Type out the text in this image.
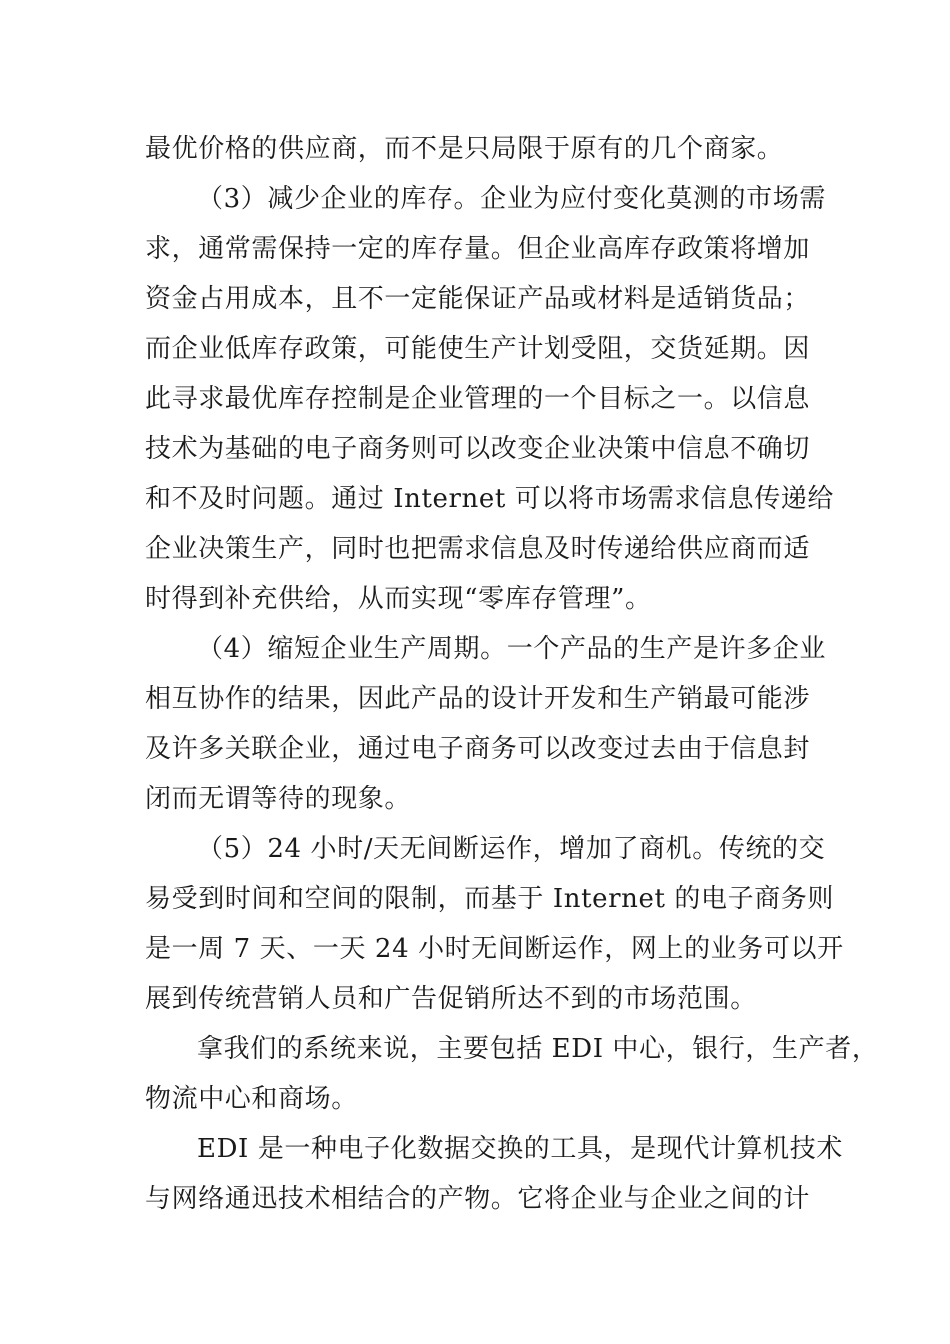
最优价格的供应商，而不是只局限于原有的几个商家。
（3）减少企业的库存。企业为应付变化莫测的市场需
求，通常需保持一定的库存量。但企业高库存政策将增加
资金占用成本，且不一定能保证产品或材料是适销货品；
而企业低库存政策，可能使生产计划受阻，交货延期。因
此寻求最优库存控制是企业管理的一个目标之一。以信息
技术为基础的电子商务则可以改变企业决策中信息不确切
和不及时问题。通过 Internet 可以将市场需求信息传递给
企业决策生产，同时也把需求信息及时传递给供应商而适
时得到补充供给，从而实现“零库存管理”。
（4）缩短企业生产周期。一个产品的生产是许多企业
相互协作的结果，因此产品的设计开发和生产销最可能涉
及许多关联企业，通过电子商务可以改变过去由于信息封
闭而无谓等待的现象。
（5）24 小时/天无间断运作，增加了商机。传统的交
易受到时间和空间的限制，而基于 Internet 的电子商务则
是一周 7 天、一天 24 小时无间断运作，网上的业务可以开
展到传统营销人员和广告促销所达不到的市场范围。
拿我们的系统来说，主要包括 EDI 中心，银行，生产者，
物流中心和商场。
EDI 是一种电子化数据交换的工具，是现代计算机技术
与网络通迅技术相结合的产物。它将企业与企业之间的计
